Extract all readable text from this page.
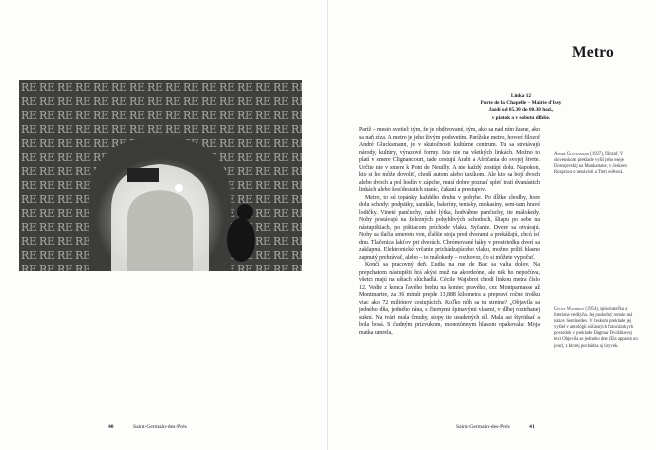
40	Saint-Germain-des-Prés
Metro
Linka 12
Porte de la Chapelle – Mairie d'Issy
Jazdí od 05.30 do 00.30 hod.,
v piatok a v sobotu dlhšie.

Paríž – mesto svetiel: tým, že je obdivované, tým, ako sa nad ním žasne, ako sa naň zíza. A metro je jeho živým podsvetím. Parížske metro, hovorí filozof André Glucksmann, je v skutočnosti kultúrne centrum. Tu sa stretávajú národy, kultúry, výrazové formy. Iste nie na všetkých linkách. Možno to platí v smere Clignancourt, tade cestujú Arabi a Afričania do svojej štvrte. Určite nie v smere k Pont de Neuilly. A nie každý zostúpi dolu. Napokon, kto si ho môže dovoliť, chodí autom alebo taxíkom. Ale kto sa bojí dvoch alebo dvoch a pol hodín v zápche, musí dobre poznať spleť tratí dvanástich linkách alebo šesťdesiatich staníc, čakaní a prestupov.

Metro, to sú topánky každého druhu v pohybe. Po dĺžke chodby, hore dolu schody: podpätky, sandále, baleríny, tenisky, mokasíny, sem-tam hravé lodičky. Vineté pančuchy, nahé lýtka, hodvábne pančuchy, tie málokedy. Nohy postávajú na železných pohyblivých schodoch, šliapu po sebe na nástupištiach, po pištiacom príchode vlaku. Syčanie. Dvere sa otvárajú. Nohy sa tlačia smerom von, ďalšie stoja pred dverami a prekážajú, chcú ísť dnu. Tlačenica lakťov pri dverách. Chrómované háky v prostriedku dverí sa zaklapnú. Elektronické vrčanie prichádzajúceho vlaku, možno príliš hlasno zapnutý prehrávač, alebo – to málokedy – rozhovor, čo si môžete vypočuť.

Končí sa pracovný deň. Ľudia na rue de Bac sa valia dolov. Na prepchatom nástupišti hrá akýsi muž na akordeóne, ale nik ho nepočúva, všetci majú na ušiach slúchadlá. Cécile Wajsbrot chodí linkou metra číslo 12. Vedie z konca ľavého brehu na koniec pravého, cez Montparnasse až Montmartre, za 36 minút prejde 13,888 kilometra a prepraví ročne trošku viac ako 72 miliónov cestujúcich. Koľko nôh sa tu stretne? „Objavila sa jedného dňa, jedného rána, s čiernymi špinavými vlasmi, v dlhej roztrhanej sukni. Na tvári mala čmuhy, stopy tie usudených síl. Mala asi štyridsať a bola bosá. S čudným prízvukom, monotónnym hlasom opakovala: Moja matka umrela,

André Glucksmann (1937), filozof. V slovenskom preklade vyšli jeho eseje Dostojevskij na Manhattane, v českom Rozprava o nenávisti a Tretí světová.
Cécile Wajsbrot (1954), spisovateľka a literárna vedkyňa. Jej posledný román má názov Sentinelles. V českom preklade jej vyšiel v antológii súčasných francúzskych poviedok v preklade Dagmar Dvořákovej text Objevila se jednoho dne (Ela apparut un jour), z ktorej pochádza aj úryvok.
Saint-Germain-des-Prés	41
